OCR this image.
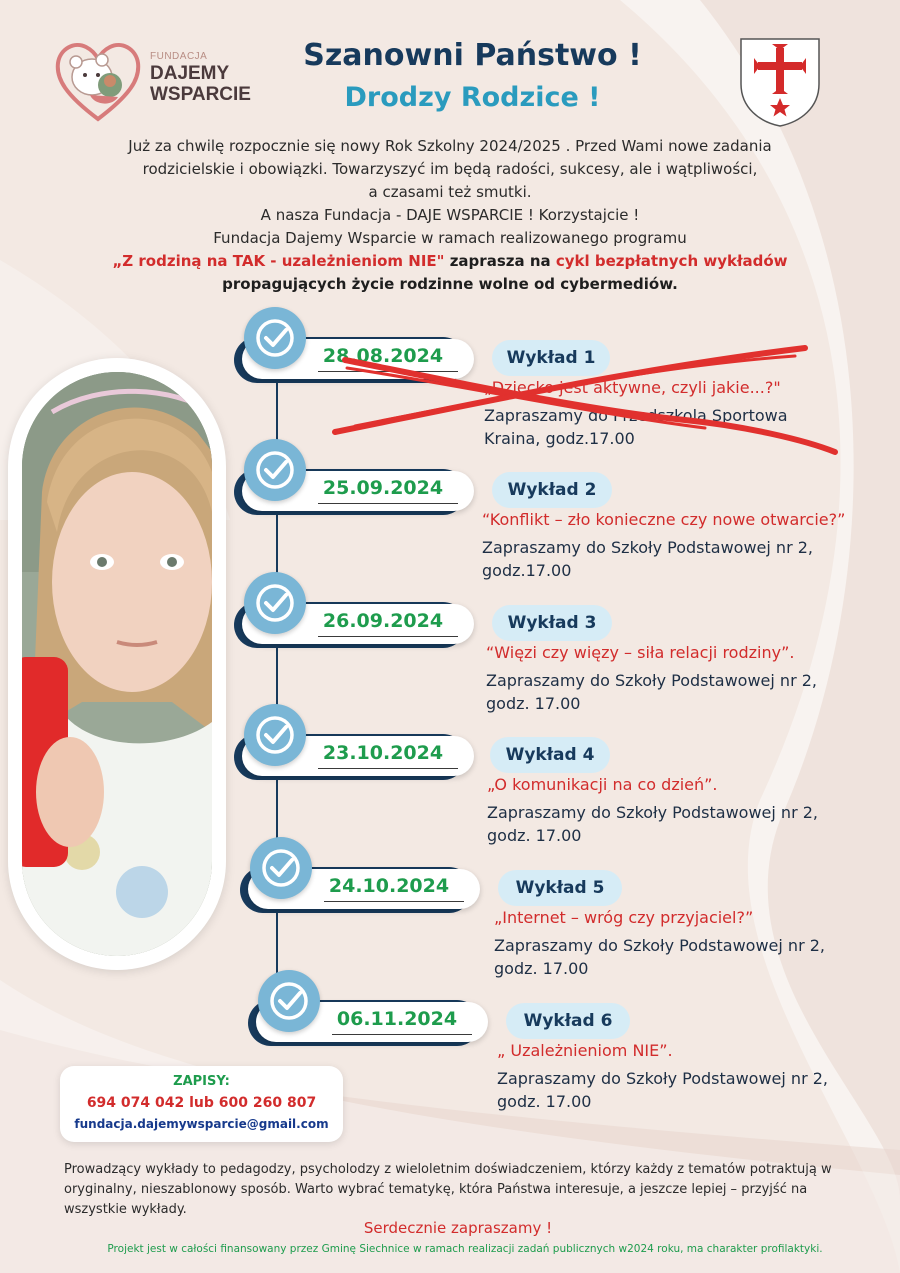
FUNDACJA
DAJEMY
WSPARCIE
Szanowni Państwo !
Drodzy Rodzice !

Już za chwilę rozpocznie się nowy Rok Szkolny 2024/2025 . Przed Wami nowe zadania

rodzicielskie i obowiązki. Towarzyszyć im będą radości, sukcesy, ale i wątpliwości,

a czasami też smutki.

A nasza Fundacja - DAJE WSPARCIE ! Korzystajcie !

Fundacja Dajemy Wsparcie w ramach realizowanego programu

„Z rodziną na TAK - uzależnieniom NIE" zaprasza na cykl bezpłatnych wykładów

propagujących życie rodzinne wolne od cybermediów.

28.08.2024	Wykład 1
„Dziecko jest aktywne, czyli jakie...?"
Zapraszamy do Przedszkola Sportowa
Kraina, godz.17.00
25.09.2024	Wykład 2
“Konflikt – zło konieczne czy nowe otwarcie?”
Zapraszamy do Szkoły Podstawowej nr 2,
godz.17.00
26.09.2024	Wykład 3
“Więzi czy więzy – siła relacji rodziny”.
Zapraszamy do Szkoły Podstawowej nr 2,
godz. 17.00
23.10.2024	Wykład 4
„O komunikacji na co dzień”.
Zapraszamy do Szkoły Podstawowej nr 2,
godz. 17.00
24.10.2024	Wykład 5
„Internet – wróg czy przyjaciel?”
Zapraszamy do Szkoły Podstawowej nr 2,
godz. 17.00
06.11.2024	Wykład 6
„ Uzależnieniom NIE”.
Zapraszamy do Szkoły Podstawowej nr 2,
godz. 17.00
ZAPISY:
694 074 042 lub 600 260 807
fundacja.dajemywsparcie@gmail.com
Prowadzący wykłady to pedagodzy, psycholodzy z wieloletnim doświadczeniem, którzy każdy z tematów potraktują w oryginalny, nieszablonowy sposób. Warto wybrać tematykę, która Państwa interesuje, a jeszcze lepiej – przyjść na wszystkie wykłady.
Serdecznie zapraszamy !
Projekt jest w całości finansowany przez Gminę Siechnice w ramach realizacji zadań publicznych w2024 roku, ma charakter profilaktyki.
